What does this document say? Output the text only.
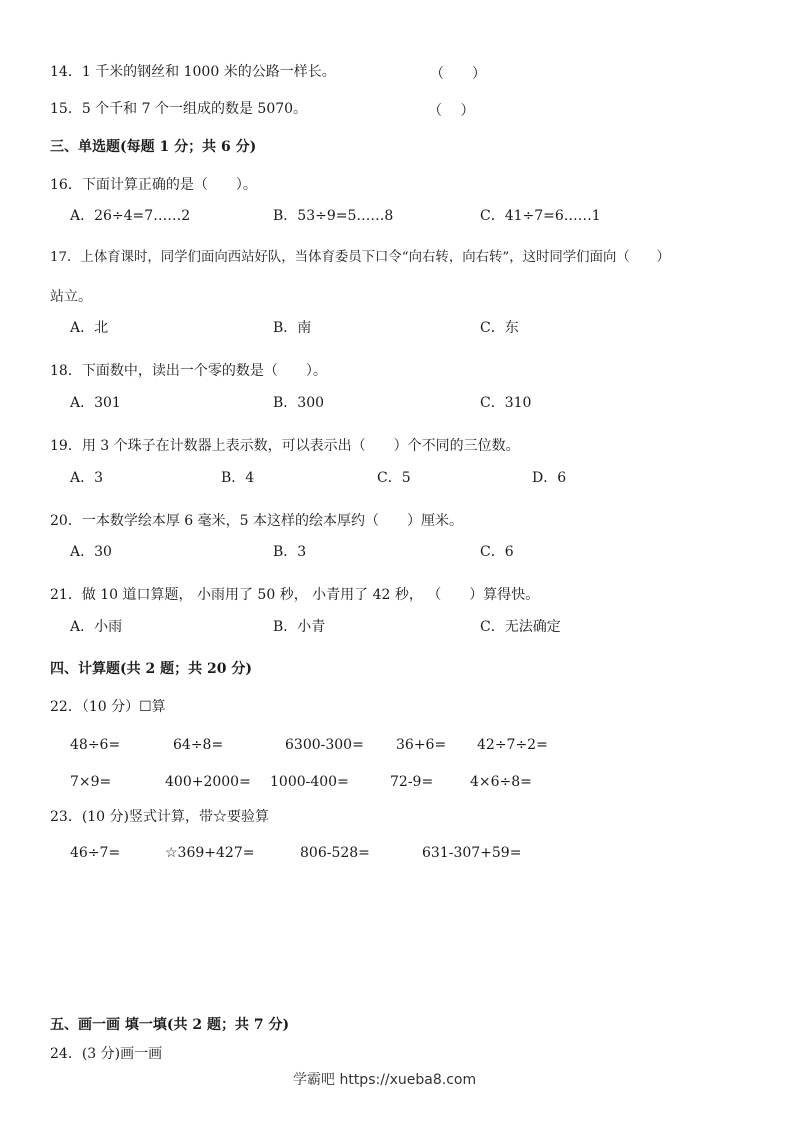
14．1 千米的钢丝和 1000 米的公路一样长。	（　　）
15．5 个千和 7 个一组成的数是 5070。	（　 ）
三、单选题(每题 1 分；共 6 分)
16．下面计算正确的是（　　）。
A．26÷4=7……2	B．53÷9=5……8	C．41÷7=6……1
17．上体育课时，同学们面向西站好队，当体育委员下口令“向右转，向右转”，这时同学们面向（　　）
站立。
A．北	B．南	C．东
18．下面数中，读出一个零的数是（　　）。
A．301	B．300	C．310
19．用 3 个珠子在计数器上表示数，可以表示出（　　）个不同的三位数。
A．3	B．4	C．5	D．6
20．一本数学绘本厚 6 毫米，5 本这样的绘本厚约（　　）厘米。
A．30	B．3	C．6
21．做 10 道口算题， 小雨用了 50 秒， 小青用了 42 秒， （　　）算得快。
A．小雨	B．小青	C．无法确定
四、计算题(共 2 题；共 20 分)
22．（10 分）☐算
48÷6=	64÷8=	6300-300= 36+6= 42÷7÷2=
7×9=	400+2000= 1000-400=	72-9=	4×6÷8=
23．(10 分)竖式计算，带☆要验算
46÷7=	☆369+427=	806-528=	631-307+59=
五、画一画 填一填(共 2 题；共 7 分)
24．(3 分)画一画
学霸吧 https://xueba8.com
